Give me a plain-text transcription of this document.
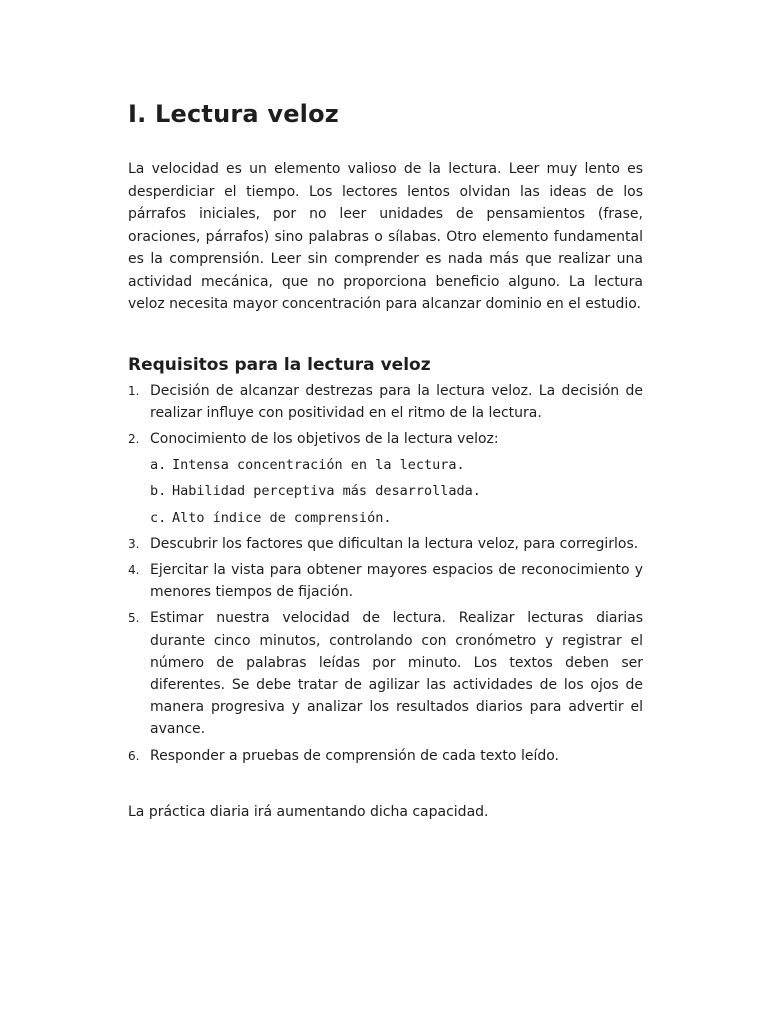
I. Lectura veloz

La velocidad es un elemento valioso de la lectura. Leer muy lento es desperdiciar el tiempo. Los lectores lentos olvidan las ideas de los párrafos iniciales, por no leer unidades de pensamientos (frase, oraciones, párrafos) sino palabras o sílabas. Otro elemento fundamental es la comprensión. Leer sin comprender es nada más que realizar una actividad mecánica, que no proporciona beneficio alguno. La lectura veloz necesita mayor concentración para alcanzar dominio en el estudio.

Requisitos para la lectura veloz
1. Decisión de alcanzar destrezas para la lectura veloz. La decisión de realizar influye con positividad en el ritmo de la lectura.
2. Conocimiento de los objetivos de la lectura veloz:
a. Intensa concentración en la lectura.
b. Habilidad perceptiva más desarrollada.
c. Alto índice de comprensión.
3. Descubrir los factores que dificultan la lectura veloz, para corregirlos.
4. Ejercitar la vista para obtener mayores espacios de reconocimiento y menores tiempos de fijación.
5. Estimar nuestra velocidad de lectura. Realizar lecturas diarias durante cinco minutos, controlando con cronómetro y registrar el número de palabras leídas por minuto. Los textos deben ser diferentes. Se debe tratar de agilizar las actividades de los ojos de manera progresiva y analizar los resultados diarios para advertir el avance.
6. Responder a pruebas de comprensión de cada texto leído.

La práctica diaria irá aumentando dicha capacidad.
